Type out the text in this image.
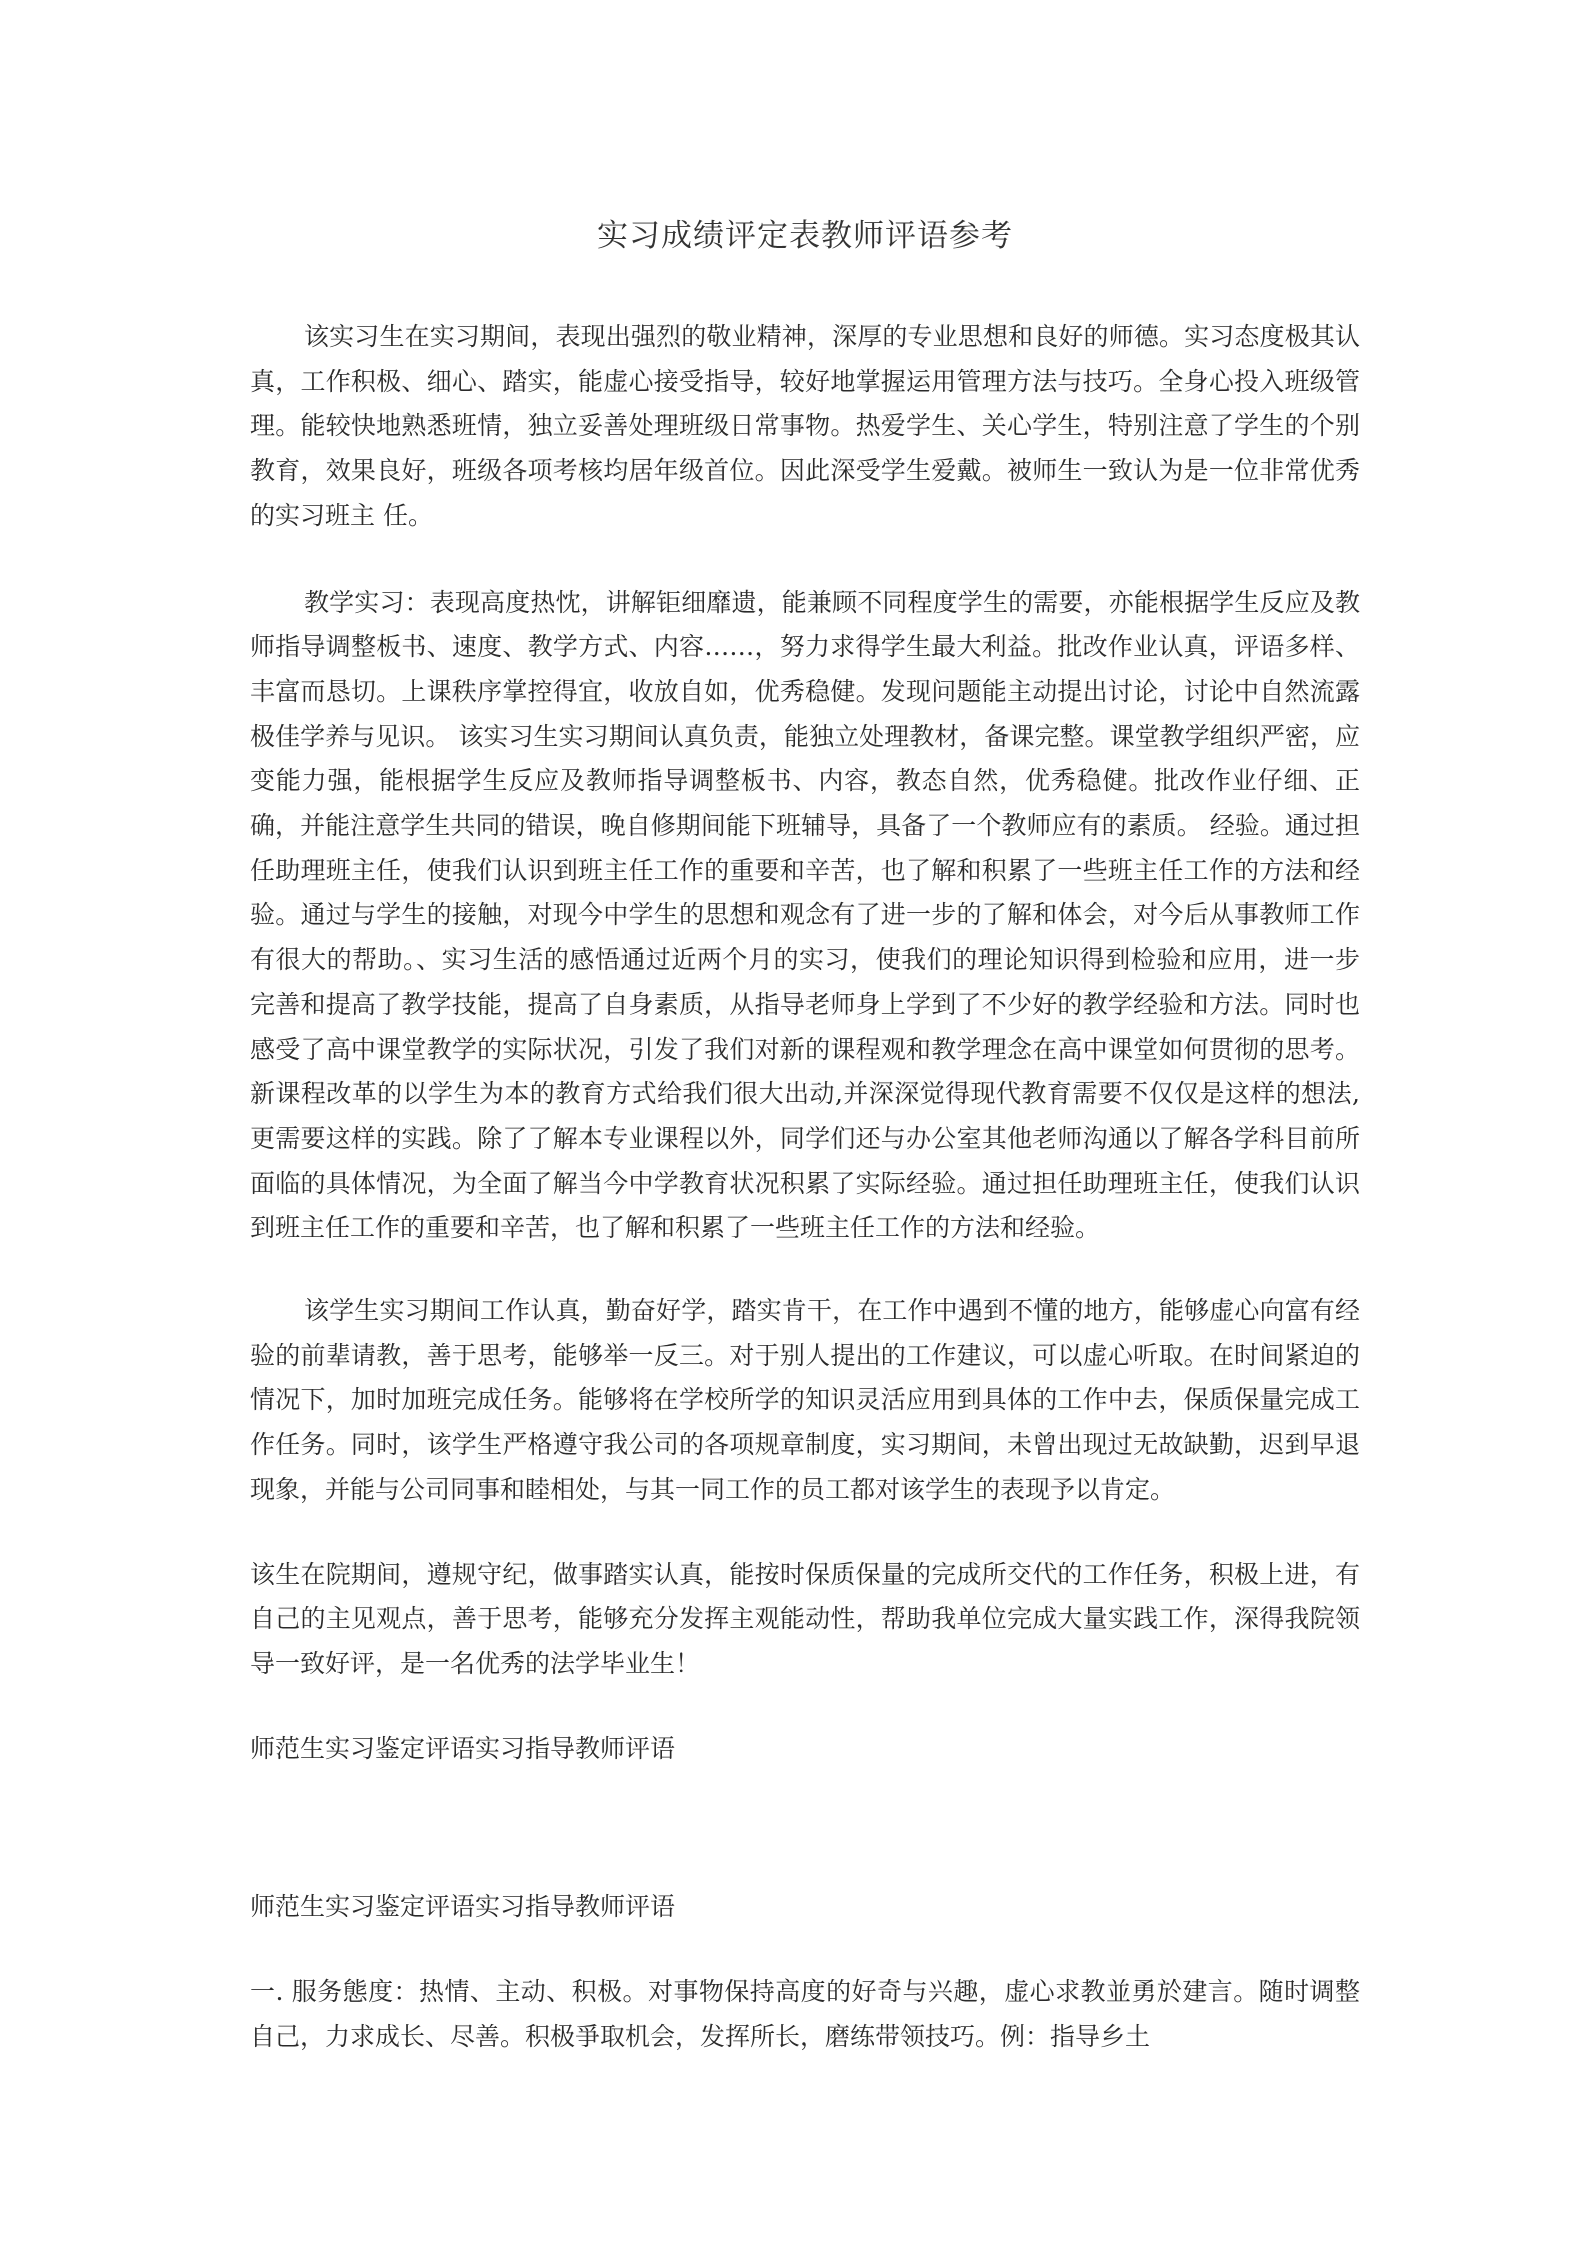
实习成绩评定表教师评语参考

该实习生在实习期间，表现出强烈的敬业精神，深厚的专业思想和良好的师德。实习态度极其认真，工作积极、细心、踏实，能虚心接受指导，较好地掌握运用管理方法与技巧。全身心投入班级管理。能较快地熟悉班情，独立妥善处理班级日常事物。热爱学生、关心学生，特别注意了学生的个别教育，效果良好，班级各项考核均居年级首位。因此深受学生爱戴。被师生一致认为是一位非常优秀的实习班主 任。

教学实习：表现高度热忱，讲解钜细靡遗，能兼顾不同程度学生的需要，亦能根据学生反应及教师指导调整板书、速度、教学方式、内容……，努力求得学生最大利益。批改作业认真，评语多样、丰富而恳切。上课秩序掌控得宜，收放自如，优秀稳健。发现问题能主动提出讨论，讨论中自然流露极佳学养与见识。 该实习生实习期间认真负责，能独立处理教材，备课完整。课堂教学组织严密，应变能力强，能根据学生反应及教师指导调整板书、内容，教态自然，优秀稳健。批改作业仔细、正确，并能注意学生共同的错误，晚自修期间能下班辅导，具备了一个教师应有的素质。 经验。通过担任助理班主任，使我们认识到班主任工作的重要和辛苦，也了解和积累了一些班主任工作的方法和经验。通过与学生的接触，对现今中学生的思想和观念有了进一步的了解和体会，对今后从事教师工作有很大的帮助。、实习生活的感悟通过近两个月的实习，使我们的理论知识得到检验和应用，进一步完善和提高了教学技能，提高了自身素质，从指导老师身上学到了不少好的教学经验和方法。同时也感受了高中课堂教学的实际状况，引发了我们对新的课程观和教学理念在高中课堂如何贯彻的思考。新课程改革的以学生为本的教育方式给我们很大出动,并深深觉得现代教育需要不仅仅是这样的想法,更需要这样的实践。除了了解本专业课程以外，同学们还与办公室其他老师沟通以了解各学科目前所面临的具体情况，为全面了解当今中学教育状况积累了实际经验。通过担任助理班主任，使我们认识到班主任工作的重要和辛苦，也了解和积累了一些班主任工作的方法和经验。

该学生实习期间工作认真，勤奋好学，踏实肯干，在工作中遇到不懂的地方，能够虚心向富有经验的前辈请教，善于思考，能够举一反三。对于别人提出的工作建议，可以虚心听取。在时间紧迫的情况下，加时加班完成任务。能够将在学校所学的知识灵活应用到具体的工作中去，保质保量完成工作任务。同时，该学生严格遵守我公司的各项规章制度，实习期间，未曾出现过无故缺勤，迟到早退现象，并能与公司同事和睦相处，与其一同工作的员工都对该学生的表现予以肯定。

该生在院期间，遵规守纪，做事踏实认真，能按时保质保量的完成所交代的工作任务，积极上进，有自己的主见观点，善于思考，能够充分发挥主观能动性，帮助我单位完成大量实践工作，深得我院领导一致好评，是一名优秀的法学毕业生！

师范生实习鉴定评语实习指导教师评语

师范生实习鉴定评语实习指导教师评语

一. 服务態度：热情、主动、积极。对事物保持高度的好奇与兴趣，虚心求教並勇於建言。随时调整自己，力求成长、尽善。积极爭取机会，发挥所长，磨练带领技巧。例：指导乡土
